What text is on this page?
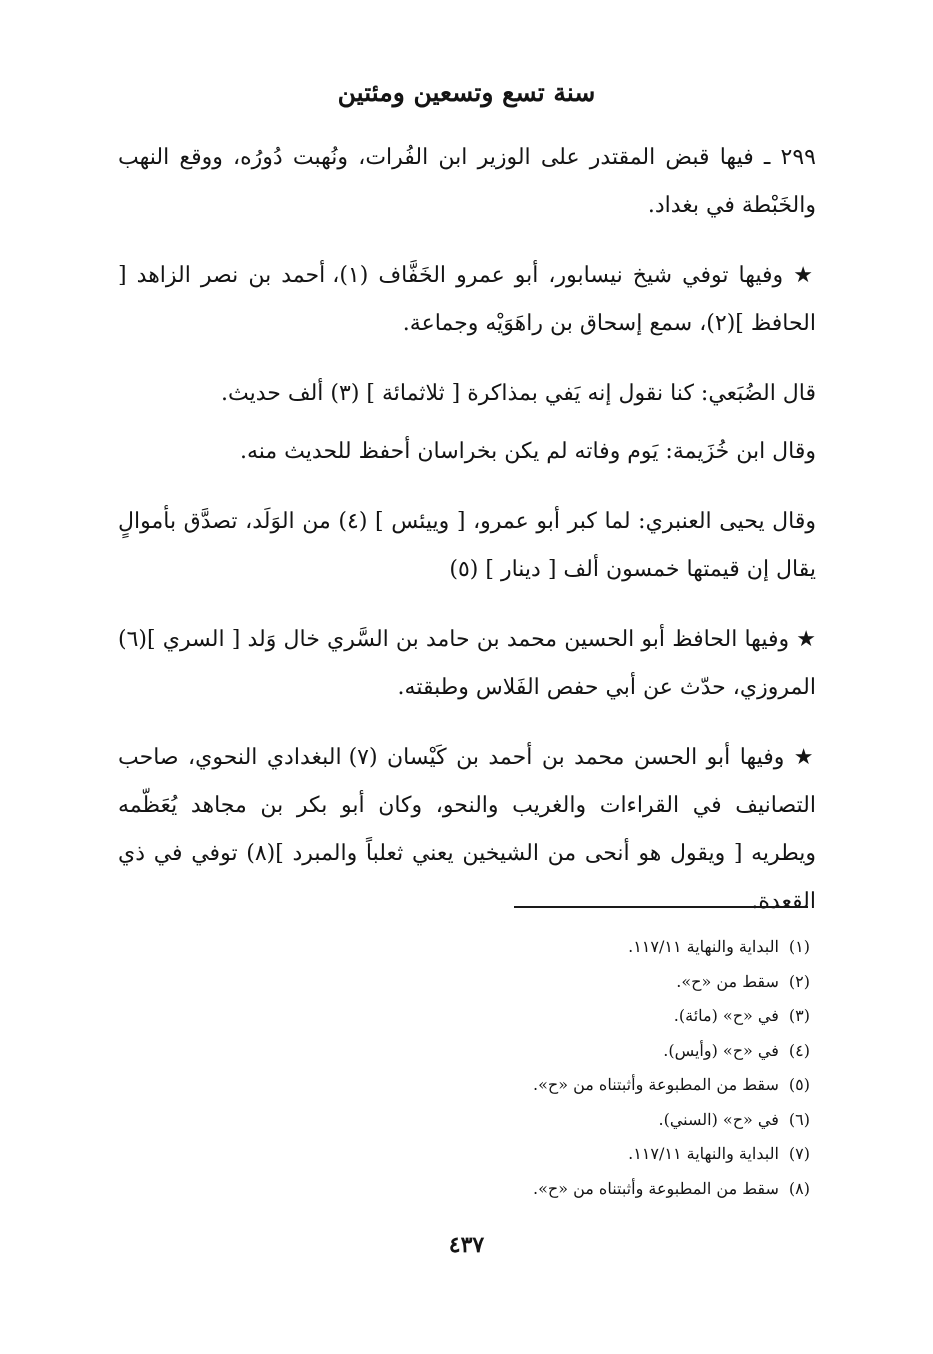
سنة تسع وتسعين ومئتين

٢٩٩ ـ فيها قبض المقتدر على الوزير ابن الفُرات، ونُهبت دُورُه، ووقع النهب والخَبْطة في بغداد.

★ وفيها توفي شيخ نيسابور، أبو عمرو الخَفَّاف (١)، أحمد بن نصر الزاهد [ الحافظ ](٢)، سمع إسحاق بن راهَوَيْه وجماعة.

قال الضُبَعي: كنا نقول إنه يَفي بمذاكرة [ ثلاثمائة ] (٣) ألف حديث.

وقال ابن خُزَيمة: يَوم وفاته لم يكن بخراسان أحفظ للحديث منه.

وقال يحيى العنبري: لما كبر أبو عمرو، [ وييئس ] (٤) من الوَلَد، تصدَّق بأموالٍ يقال إن قيمتها خمسون ألف [ دينار ] (٥)

★ وفيها الحافظ أبو الحسين محمد بن حامد بن السَّري خال وَلد [ السري ](٦) المروزي، حدّث عن أبي حفص الفَلاس وطبقته.

★ وفيها أبو الحسن محمد بن أحمد بن كَيْسان (٧) البغدادي النحوي، صاحب التصانيف في القراءات والغريب والنحو، وكان أبو بكر بن مجاهد يُعَظّمه ويطريه [ ويقول هو أنحى من الشيخين يعني ثعلباً والمبرد ](٨) توفي في ذي القعدة.

(١)البداية والنهاية ١١٧/١١.
(٢)سقط من «ح».
(٣)في «ح» (مائة).
(٤)في «ح» (وأيس).
(٥)سقط من المطبوعة وأثبتناه من «ح».
(٦)في «ح» (السني).
(٧)البداية والنهاية ١١٧/١١.
(٨)سقط من المطبوعة وأثبتناه من «ح».
٤٣٧
